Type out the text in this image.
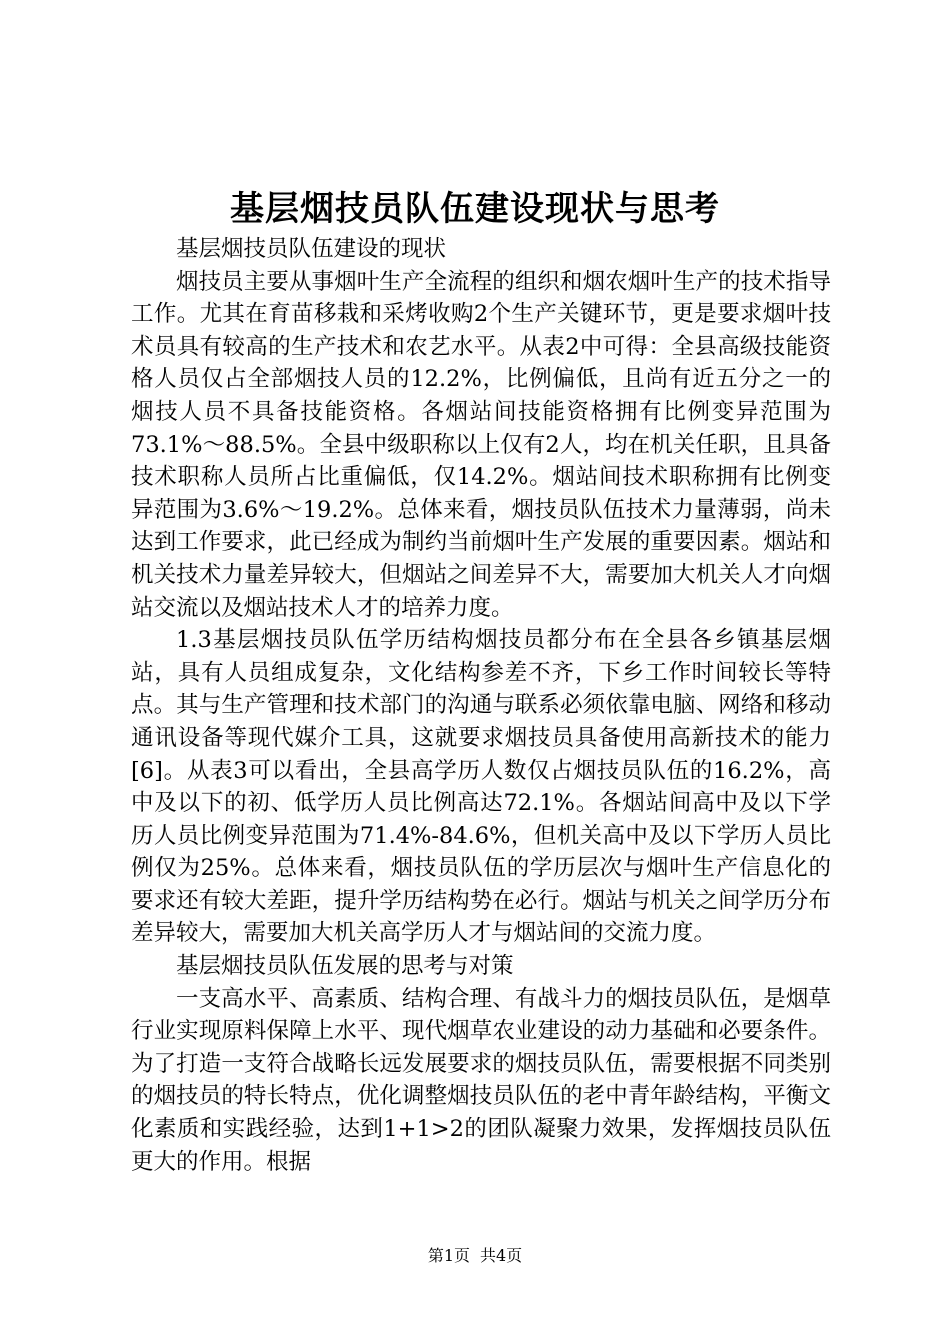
基层烟技员队伍建设现状与思考

基层烟技员队伍建设的现状

烟技员主要从事烟叶生产全流程的组织和烟农烟叶生产的技术指导工作。尤其在育苗移栽和采烤收购2个生产关键环节，更是要求烟叶技术员具有较高的生产技术和农艺水平。从表2中可得：全县高级技能资格人员仅占全部烟技人员的12.2%，比例偏低，且尚有近五分之一的烟技人员不具备技能资格。各烟站间技能资格拥有比例变异范围为73.1%～88.5%。全县中级职称以上仅有2人，均在机关任职，且具备技术职称人员所占比重偏低，仅14.2%。烟站间技术职称拥有比例变异范围为3.6%～19.2%。总体来看，烟技员队伍技术力量薄弱，尚未达到工作要求，此已经成为制约当前烟叶生产发展的重要因素。烟站和机关技术力量差异较大，但烟站之间差异不大，需要加大机关人才向烟站交流以及烟站技术人才的培养力度。

1.3基层烟技员队伍学历结构烟技员都分布在全县各乡镇基层烟站，具有人员组成复杂，文化结构参差不齐，下乡工作时间较长等特点。其与生产管理和技术部门的沟通与联系必须依靠电脑、网络和移动通讯设备等现代媒介工具，这就要求烟技员具备使用高新技术的能力[6]。从表3可以看出，全县高学历人数仅占烟技员队伍的16.2%，高中及以下的初、低学历人员比例高达72.1%。各烟站间高中及以下学历人员比例变异范围为71.4%-84.6%，但机关高中及以下学历人员比例仅为25%。总体来看，烟技员队伍的学历层次与烟叶生产信息化的要求还有较大差距，提升学历结构势在必行。烟站与机关之间学历分布差异较大，需要加大机关高学历人才与烟站间的交流力度。

基层烟技员队伍发展的思考与对策

一支高水平、高素质、结构合理、有战斗力的烟技员队伍，是烟草行业实现原料保障上水平、现代烟草农业建设的动力基础和必要条件。为了打造一支符合战略长远发展要求的烟技员队伍，需要根据不同类别的烟技员的特长特点，优化调整烟技员队伍的老中青年龄结构，平衡文化素质和实践经验，达到1+1>2的团队凝聚力效果，发挥烟技员队伍更大的作用。根据

第1页 共4页
